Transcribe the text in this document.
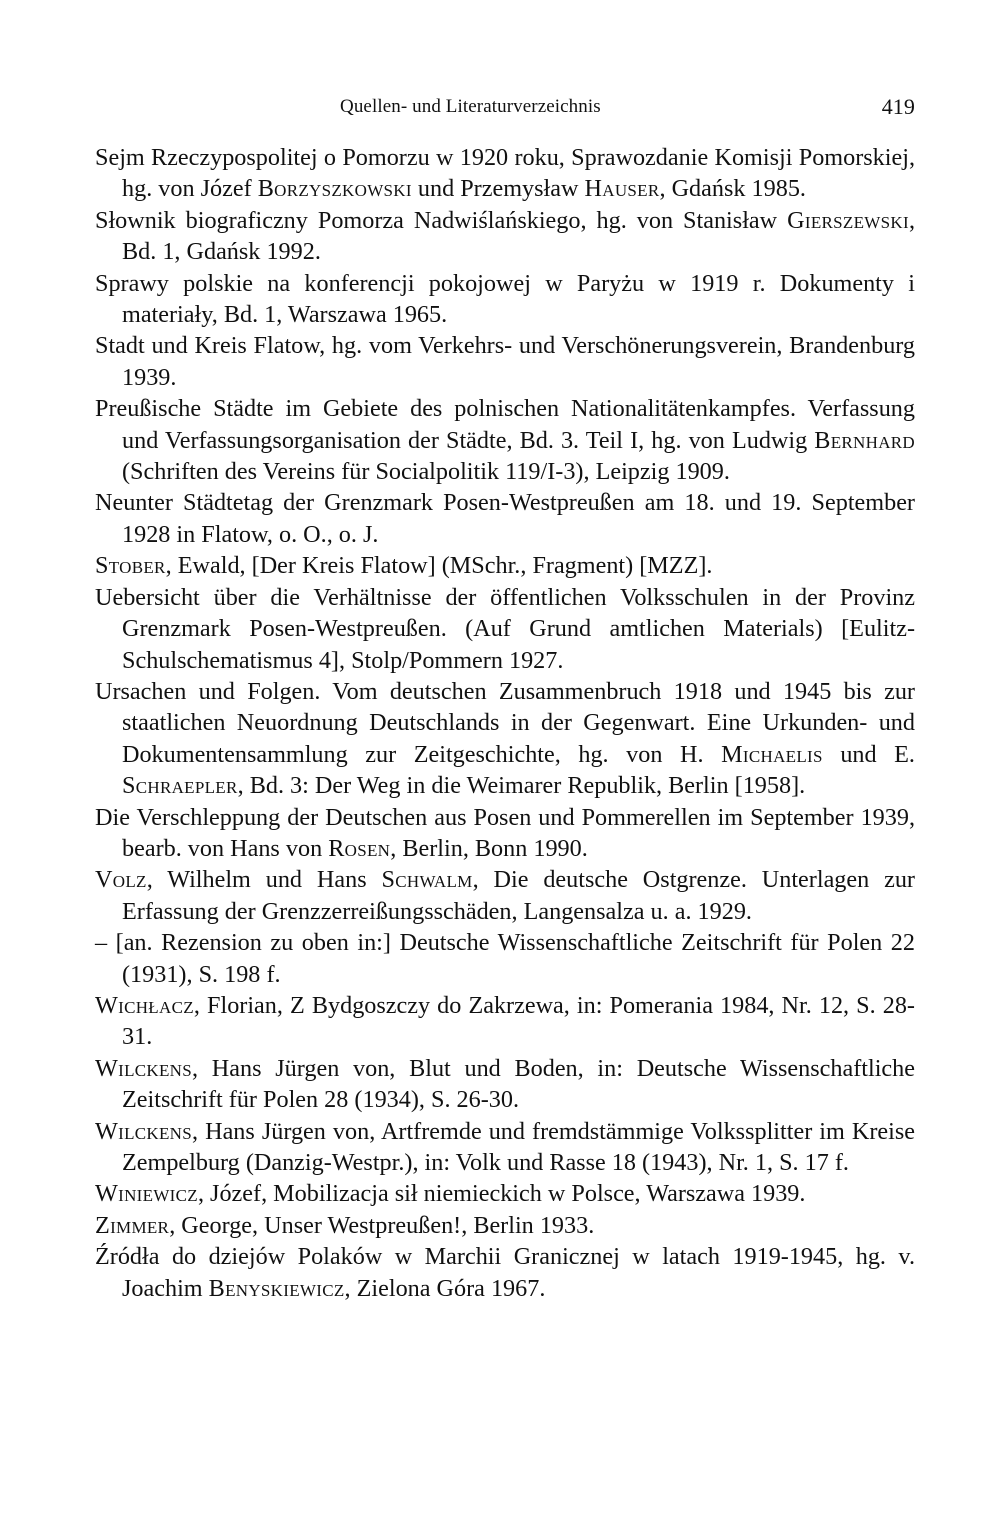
Quellen- und Literaturverzeichnis	419

Sejm Rzeczypospolitej o Pomorzu w 1920 roku, Sprawozdanie Komisji Pomorskiej, hg. von Józef Borzyszkowski und Przemysław Hauser, Gdańsk 1985.

Słownik biograficzny Pomorza Nadwiślańskiego, hg. von Stanisław Gierszewski, Bd. 1, Gdańsk 1992.

Sprawy polskie na konferencji pokojowej w Paryżu w 1919 r. Dokumenty i materiały, Bd. 1, Warszawa 1965.

Stadt und Kreis Flatow, hg. vom Verkehrs- und Verschönerungsverein, Brandenburg 1939.

Preußische Städte im Gebiete des polnischen Nationalitätenkampfes. Verfassung und Verfassungsorganisation der Städte, Bd. 3. Teil I, hg. von Ludwig Bernhard (Schriften des Vereins für Socialpolitik 119/I-3), Leipzig 1909.

Neunter Städtetag der Grenzmark Posen-Westpreußen am 18. und 19. September 1928 in Flatow, o. O., o. J.

Stober, Ewald, [Der Kreis Flatow] (MSchr., Fragment) [MZZ].

Uebersicht über die Verhältnisse der öffentlichen Volksschulen in der Provinz Grenzmark Posen-Westpreußen. (Auf Grund amtlichen Materials) [Eulitz-Schulschematismus 4], Stolp/Pommern 1927.

Ursachen und Folgen. Vom deutschen Zusammenbruch 1918 und 1945 bis zur staatlichen Neuordnung Deutschlands in der Gegenwart. Eine Urkunden- und Dokumentensammlung zur Zeitgeschichte, hg. von H. Michaelis und E. Schraepler, Bd. 3: Der Weg in die Weimarer Republik, Berlin [1958].

Die Verschleppung der Deutschen aus Posen und Pommerellen im September 1939, bearb. von Hans von Rosen, Berlin, Bonn 1990.

Volz, Wilhelm und Hans Schwalm, Die deutsche Ostgrenze. Unterlagen zur Erfassung der Grenzzerreißungsschäden, Langensalza u. a. 1929.

– [an. Rezension zu oben in:] Deutsche Wissenschaftliche Zeitschrift für Polen 22 (1931), S. 198 f.

Wichłacz, Florian, Z Bydgoszczy do Zakrzewa, in: Pomerania 1984, Nr. 12, S. 28-31.

Wilckens, Hans Jürgen von, Blut und Boden, in: Deutsche Wissenschaftliche Zeitschrift für Polen 28 (1934), S. 26-30.

Wilckens, Hans Jürgen von, Artfremde und fremdstämmige Volkssplitter im Kreise Zempelburg (Danzig-Westpr.), in: Volk und Rasse 18 (1943), Nr. 1, S. 17 f.

Winiewicz, Józef, Mobilizacja sił niemieckich w Polsce, Warszawa 1939.

Zimmer, George, Unser Westpreußen!, Berlin 1933.

Źródła do dziejów Polaków w Marchii Granicznej w latach 1919-1945, hg. v. Joachim Benyskiewicz, Zielona Góra 1967.
